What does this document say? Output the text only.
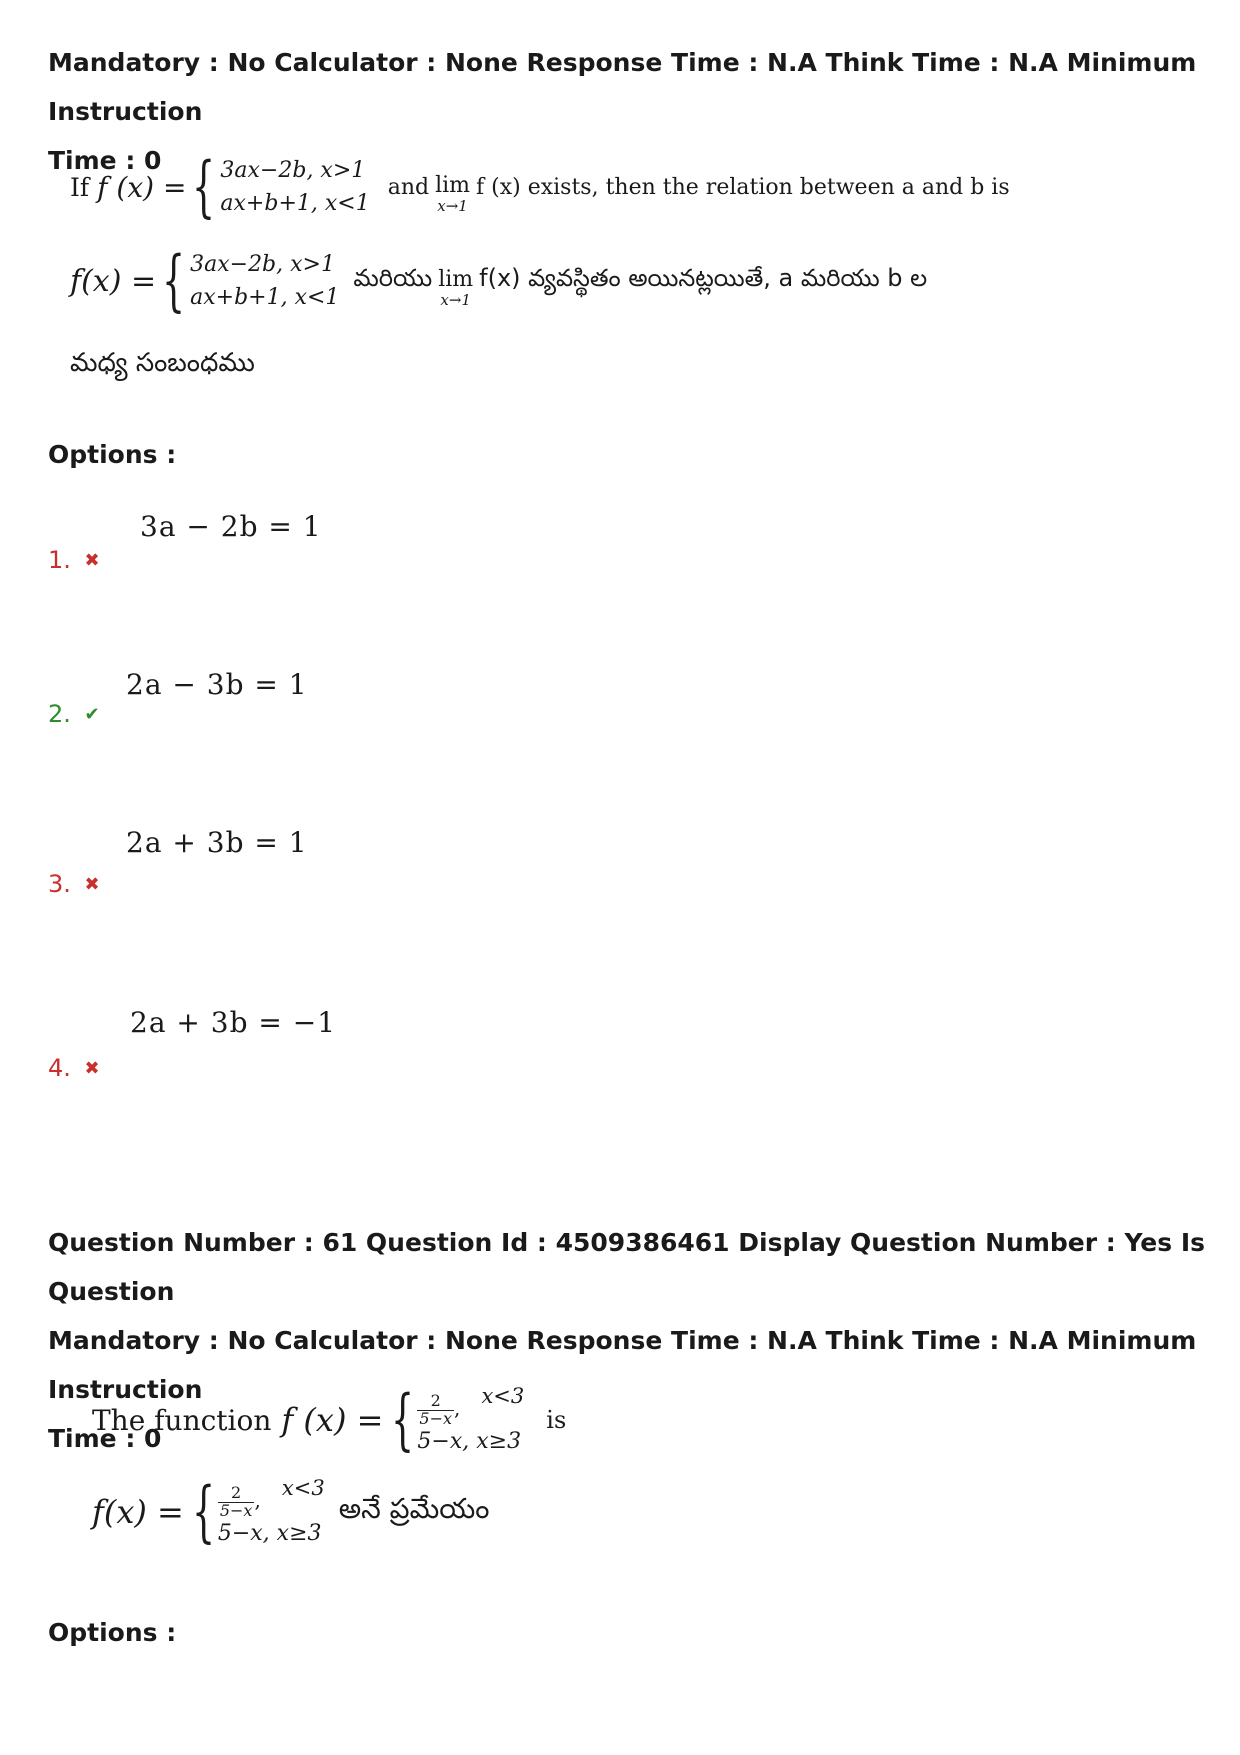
Mandatory : No Calculator : None Response Time : N.A Think Time : N.A Minimum Instruction
Time : 0
If f (x) = { 3ax−2b, x>1
ax+b+1, x<1
and lim
x→1
f (x) exists, then the relation between a and b is
f(x) = { 3ax−2b, x>1
ax+b+1, x<1
మరియు lim
x→1
f(x) వ్యవస్థితం అయినట్లయితే, a మరియు b ల
మధ్య సంబంధము
Options :
3a − 2b = 1
1. ✖
2a − 3b = 1
2. ✔
2a + 3b = 1
3. ✖
2a + 3b = −1
4. ✖
Question Number : 61 Question Id : 4509386461 Display Question Number : Yes Is Question
Mandatory : No Calculator : None Response Time : N.A Think Time : N.A Minimum Instruction
Time : 0
The function f (x) = { $\frac{2}{5-x}$ , x<3
5−x, x≥3
is
f(x) = { $\frac{2}{5-x}$ , x<3
5−x, x≥3
అనే ప్రమేయం
Options :
